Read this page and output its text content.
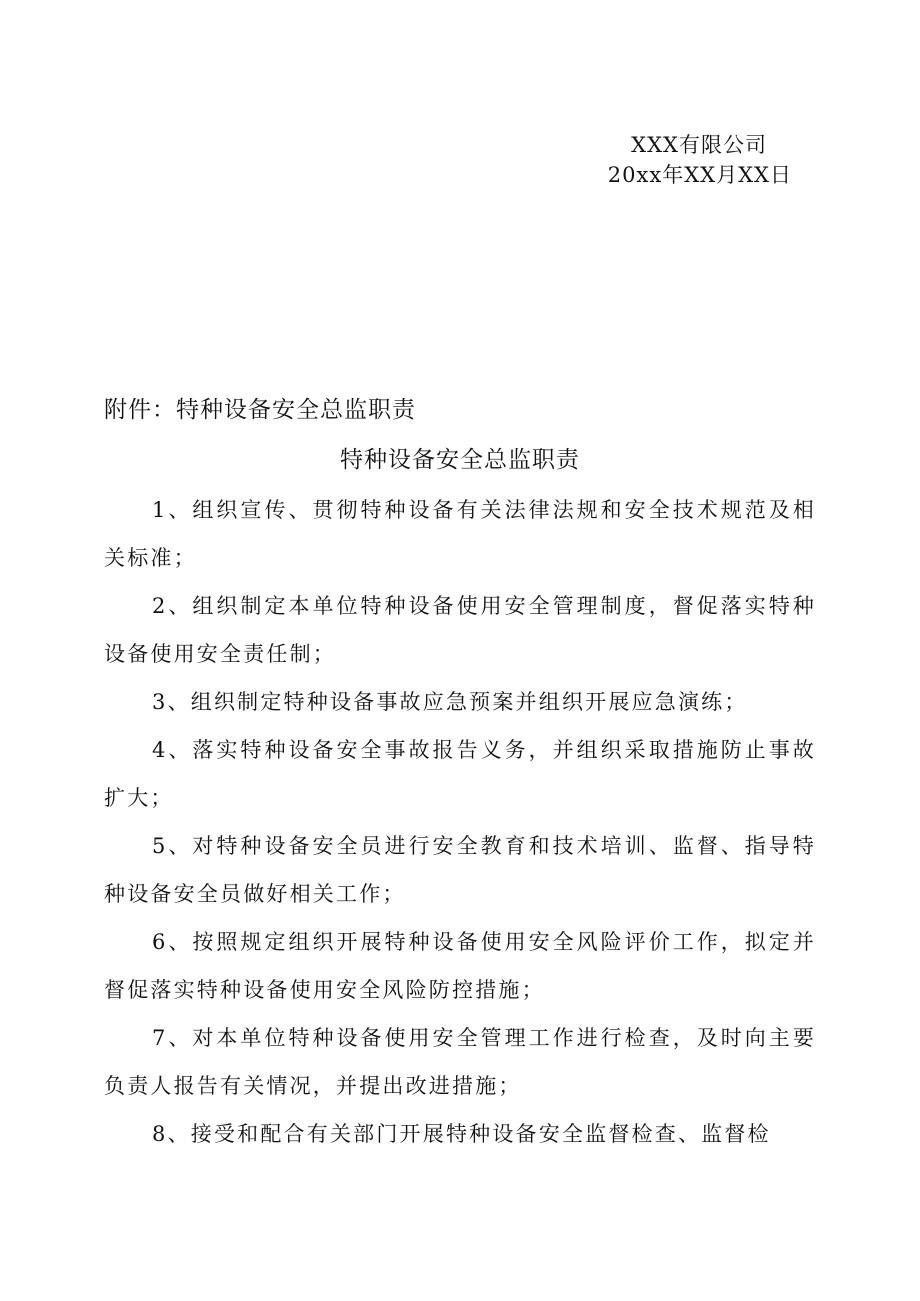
XXX有限公司
20xx年XX月XX日
附件：特种设备安全总监职责
特种设备安全总监职责

1、组织宣传、贯彻特种设备有关法律法规和安全技术规范及相关标准；

2、组织制定本单位特种设备使用安全管理制度，督促落实特种设备使用安全责任制；

3、组织制定特种设备事故应急预案并组织开展应急演练；

4、落实特种设备安全事故报告义务，并组织采取措施防止事故扩大；

5、对特种设备安全员进行安全教育和技术培训、监督、指导特种设备安全员做好相关工作；

6、按照规定组织开展特种设备使用安全风险评价工作，拟定并督促落实特种设备使用安全风险防控措施；

7、对本单位特种设备使用安全管理工作进行检查，及时向主要负责人报告有关情况，并提出改进措施；

8、接受和配合有关部门开展特种设备安全监督检查、监督检
